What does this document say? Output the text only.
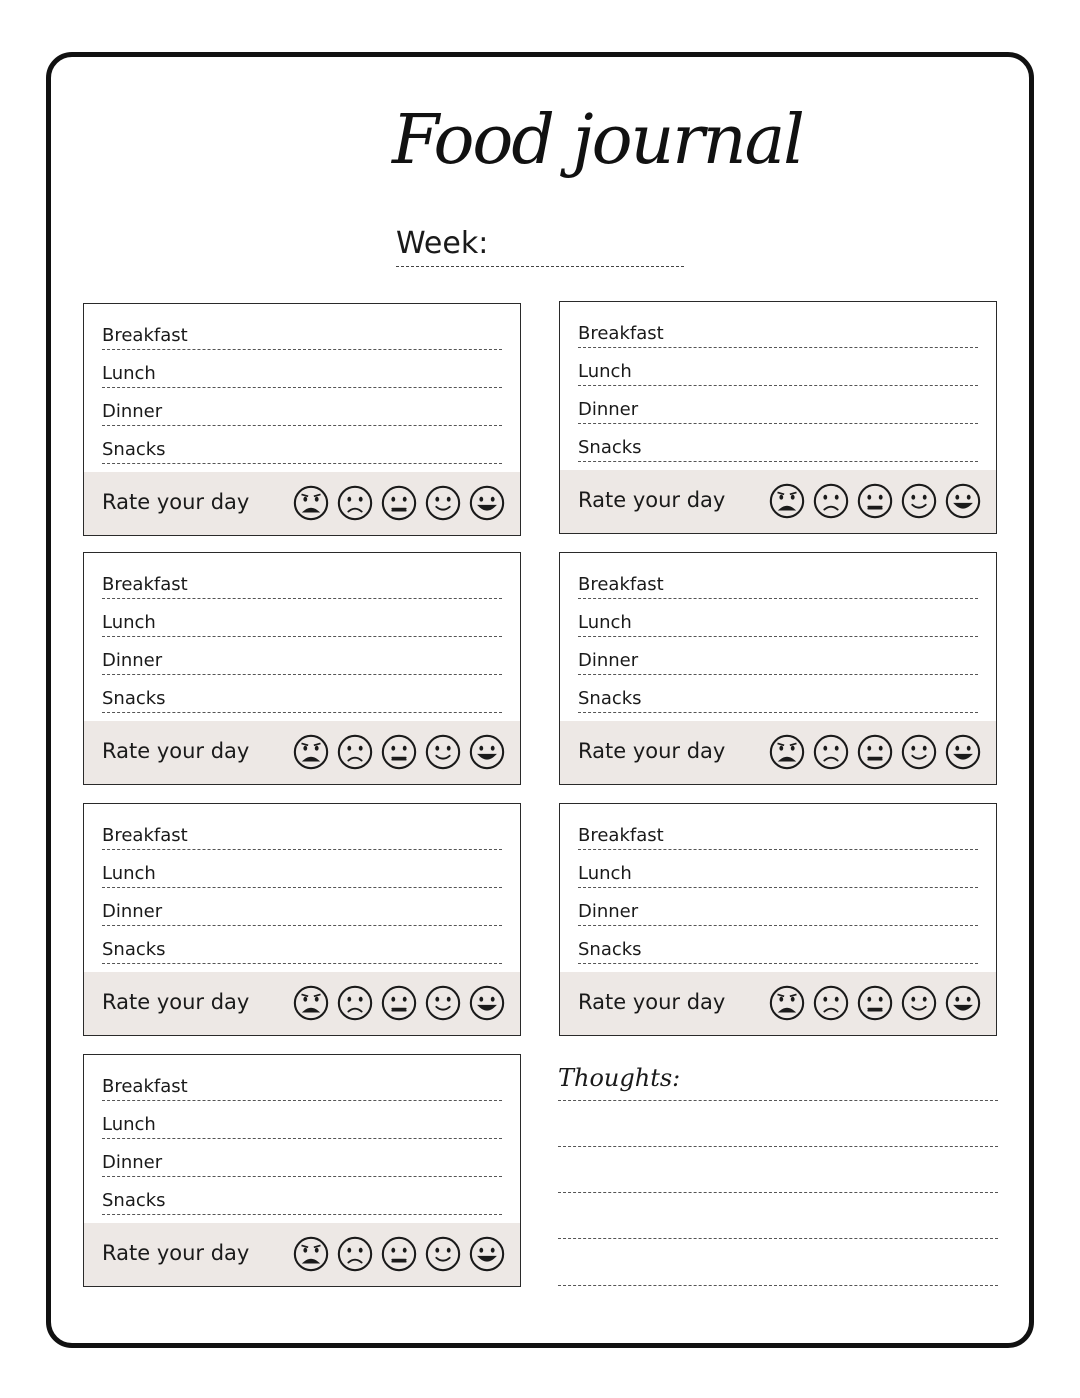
Food journal
Week:
Breakfast
Lunch
Dinner
Snacks
Rate your day
Breakfast
Lunch
Dinner
Snacks
Rate your day
Breakfast
Lunch
Dinner
Snacks
Rate your day
Breakfast
Lunch
Dinner
Snacks
Rate your day
Breakfast
Lunch
Dinner
Snacks
Rate your day
Breakfast
Lunch
Dinner
Snacks
Rate your day
Breakfast
Lunch
Dinner
Snacks
Rate your day
Thoughts:
